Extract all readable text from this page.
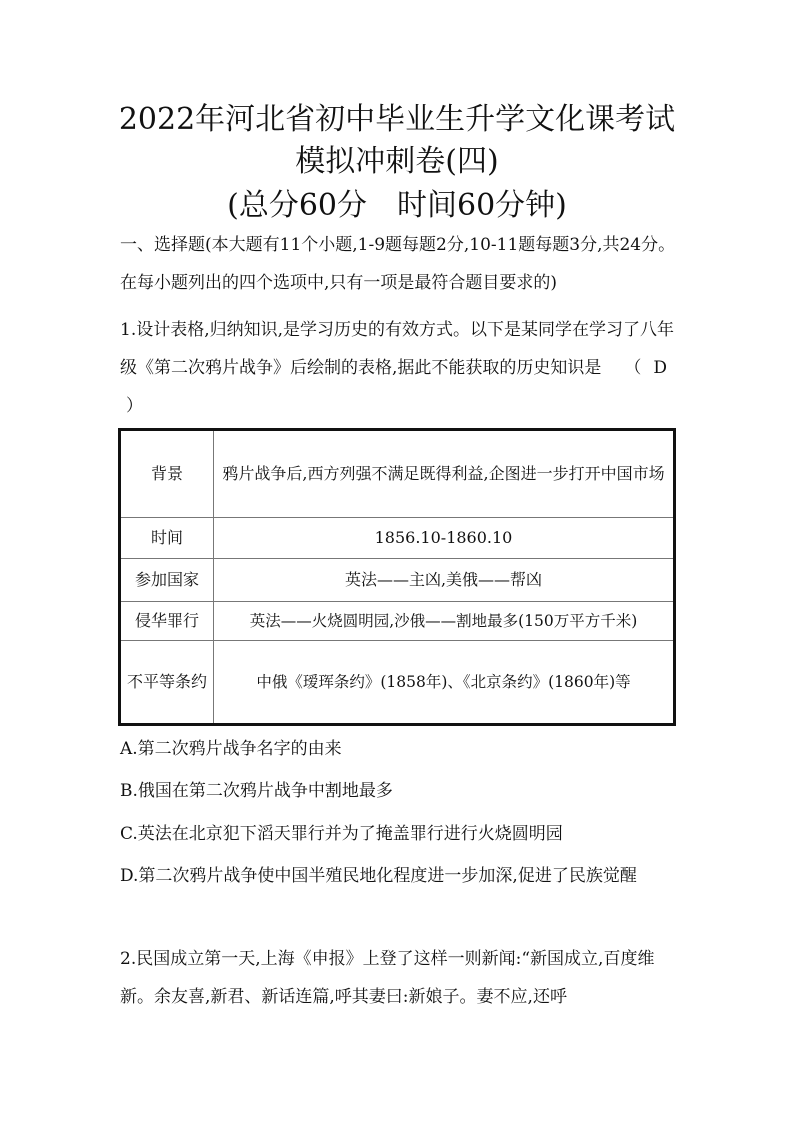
2022年河北省初中毕业生升学文化课考试
模拟冲刺卷(四)
(总分60分　时间60分钟)

一、选择题(本大题有11个小题,1-9题每题2分,10-11题每题3分,共24分。在每小题列出的四个选项中,只有一项是最符合题目要求的)

1.设计表格,归纳知识,是学习历史的有效方式。以下是某同学在学习了八年级《第二次鸦片战争》后绘制的表格,据此不能获取的历史知识是　 （ D）

背景	鸦片战争后,西方列强不满足既得利益,企图进一步打开中国市场
时间	1856.10-1860.10
参加国家	英法——主凶,美俄——帮凶
侵华罪行	英法——火烧圆明园,沙俄——割地最多(150万平方千米)
不平等条约	中俄《瑷珲条约》(1858年)、《北京条约》(1860年)等

A.第二次鸦片战争名字的由来

B.俄国在第二次鸦片战争中割地最多

C.英法在北京犯下滔天罪行并为了掩盖罪行进行火烧圆明园

D.第二次鸦片战争使中国半殖民地化程度进一步加深,促进了民族觉醒

2.民国成立第一天,上海《申报》上登了这样一则新闻:“新国成立,百度维新。余友喜,新君、新话连篇,呼其妻曰:新娘子。妻不应,还呼
